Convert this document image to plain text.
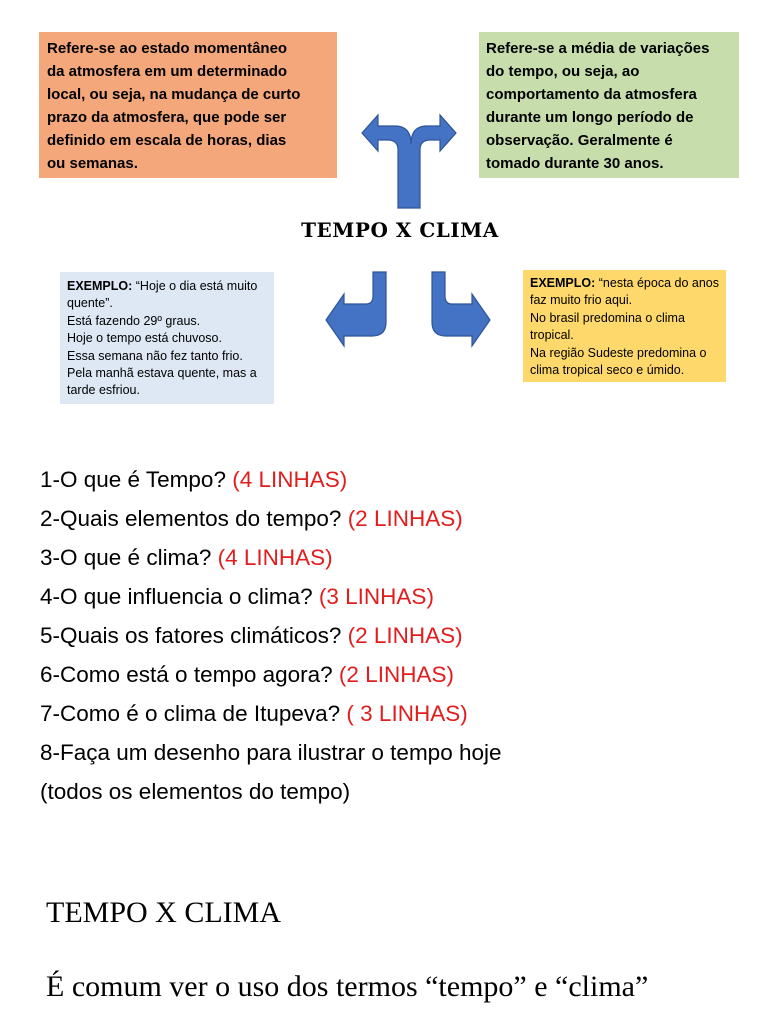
Refere-se ao estado momentâneo
da atmosfera em um determinado
local, ou seja, na mudança de curto
prazo da atmosfera, que pode ser
definido em escala de horas, dias
ou semanas.
Refere-se a média de variações
do tempo, ou seja, ao
comportamento da atmosfera
durante um longo período de
observação. Geralmente é
tomado durante 30 anos.
TEMPO X CLIMA
EXEMPLO: “Hoje o dia está muito quente”.
Está fazendo 29º graus.
Hoje o tempo está chuvoso.
Essa semana não fez tanto frio.
Pela manhã estava quente, mas a tarde esfriou.
EXEMPLO: “nesta época do anos faz muito frio aqui.
No brasil predomina o clima tropical.
Na região Sudeste predomina o clima tropical seco e úmido.
1-O que é Tempo? (4 LINHAS)
2-Quais elementos do tempo? (2 LINHAS)
3-O que é clima? (4 LINHAS)
4-O que influencia o clima? (3 LINHAS)
5-Quais os fatores climáticos? (2 LINHAS)
6-Como está o tempo agora? (2 LINHAS)
7-Como é o clima de Itupeva? ( 3 LINHAS)
8-Faça um desenho para ilustrar o tempo hoje
(todos os elementos do tempo)
TEMPO X CLIMA
É comum ver o uso dos termos “tempo” e “clima”
